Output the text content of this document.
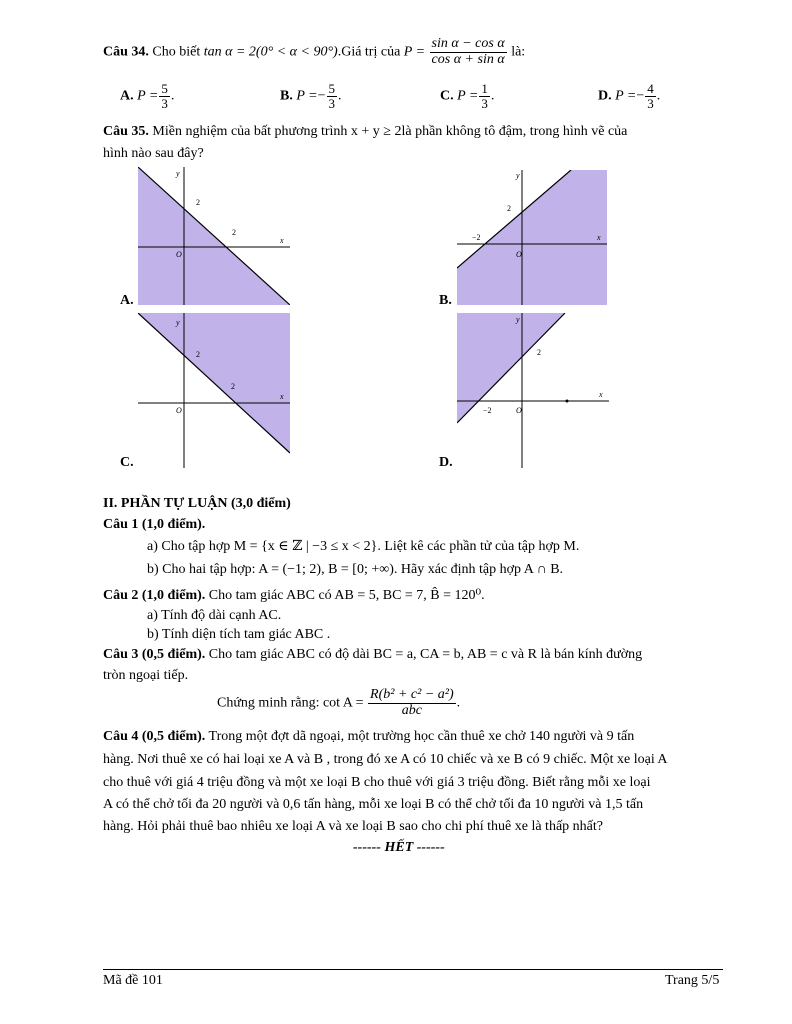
Câu 34. Cho biết tan α = 2(0° < α < 90°).Giá trị của $P = \frac{\text{sin α − cos α}}{\text{cos α + sin α}}$ là:
A. $P = \frac{5}{3}$ .	B. $P =- \frac{5}{3}$ .	C. $P = \frac{1}{3}$ .	D. $P =- \frac{4}{3}$ .
Câu 35. Miền nghiệm của bất phương trình x + y ≥ 2là phần không tô đậm, trong hình vẽ của
hình nào sau đây?
y
x
O
2
2
A.
y
x
O
2
−2
B.
y
x
O
2
2
C.
y
x
O
2
−2
D.
II. PHẦN TỰ LUẬN (3,0 điểm)
Câu 1 (1,0 điểm).
a) Cho tập hợp M = {x ∈ ℤ | −3 ≤ x < 2}. Liệt kê các phần tử của tập hợp M.
b) Cho hai tập hợp: A = (−1; 2), B = [0; +∞). Hãy xác định tập hợp A ∩ B.
Câu 2 (1,0 điểm). Cho tam giác ABC có AB = 5, BC = 7, B̂ = 120⁰.
a) Tính độ dài cạnh AC.
b) Tính diện tích tam giác ABC .
Câu 3 (0,5 điểm). Cho tam giác ABC có độ dài BC = a, CA = b, AB = c và R là bán kính đường
tròn ngoại tiếp.
Chứng minh rằng: $\cot A = \frac{\text{R(b² + c² − a²)}}{\text{abc}}$ .
Câu 4 (0,5 điểm). Trong một đợt dã ngoại, một trường học cần thuê xe chở 140 người và 9 tấn
hàng. Nơi thuê xe có hai loại xe A và B , trong đó xe A có 10 chiếc và xe B có 9 chiếc. Một xe loại A
cho thuê với giá 4 triệu đồng và một xe loại B cho thuê với giá 3 triệu đồng. Biết rằng mỗi xe loại
A có thể chở tối đa 20 người và 0,6 tấn hàng, mỗi xe loại B có thể chở tối đa 10 người và 1,5 tấn
hàng. Hỏi phải thuê bao nhiêu xe loại A và xe loại B sao cho chi phí thuê xe là thấp nhất?
------ HẾT ------
Mã đề 101	Trang 5/5
